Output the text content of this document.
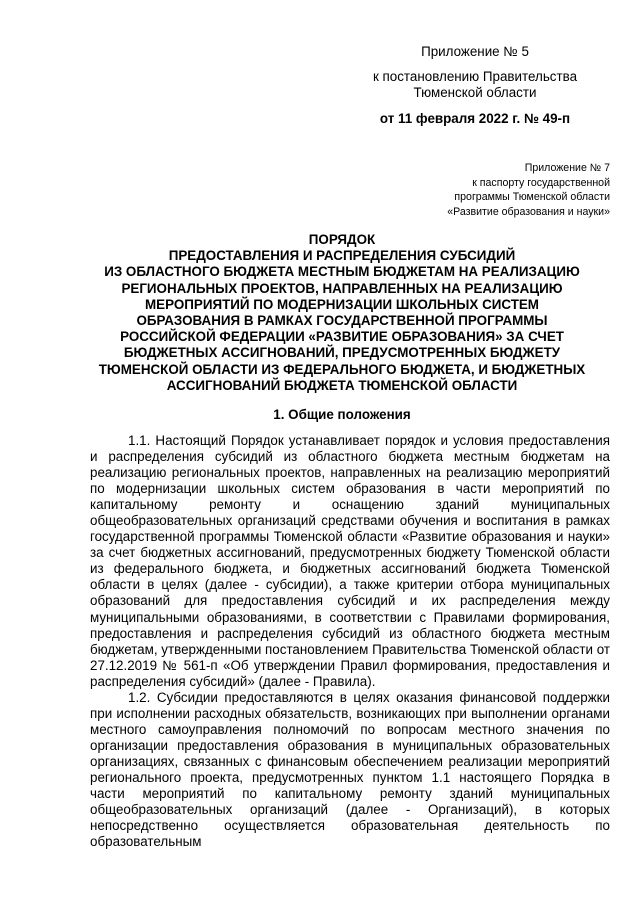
Приложение № 5
к постановлению Правительства
Тюменской области
от 11 февраля 2022 г. № 49-п
Приложение № 7
к паспорту государственной
программы Тюменской области
«Развитие образования и науки»
ПОРЯДОК
ПРЕДОСТАВЛЕНИЯ И РАСПРЕДЕЛЕНИЯ СУБСИДИЙ
ИЗ ОБЛАСТНОГО БЮДЖЕТА МЕСТНЫМ БЮДЖЕТАМ НА РЕАЛИЗАЦИЮ
РЕГИОНАЛЬНЫХ ПРОЕКТОВ, НАПРАВЛЕННЫХ НА РЕАЛИЗАЦИЮ
МЕРОПРИЯТИЙ ПО МОДЕРНИЗАЦИИ ШКОЛЬНЫХ СИСТЕМ
ОБРАЗОВАНИЯ В РАМКАХ ГОСУДАРСТВЕННОЙ ПРОГРАММЫ
РОССИЙСКОЙ ФЕДЕРАЦИИ «РАЗВИТИЕ ОБРАЗОВАНИЯ» ЗА СЧЕТ
БЮДЖЕТНЫХ АССИГНОВАНИЙ, ПРЕДУСМОТРЕННЫХ БЮДЖЕТУ
ТЮМЕНСКОЙ ОБЛАСТИ ИЗ ФЕДЕРАЛЬНОГО БЮДЖЕТА, И БЮДЖЕТНЫХ
АССИГНОВАНИЙ БЮДЖЕТА ТЮМЕНСКОЙ ОБЛАСТИ
1. Общие положения

1.1. Настоящий Порядок устанавливает порядок и условия предоставления и распределения субсидий из областного бюджета местным бюджетам на реализацию региональных проектов, направленных на реализацию мероприятий по модернизации школьных систем образования в части мероприятий по капитальному ремонту и оснащению зданий муниципальных общеобразовательных организаций средствами обучения и воспитания в рамках государственной программы Тюменской области «Развитие образования и науки» за счет бюджетных ассигнований, предусмотренных бюджету Тюменской области из федерального бюджета, и бюджетных ассигнований бюджета Тюменской области в целях (далее - субсидии), а также критерии отбора муниципальных образований для предоставления субсидий и их распределения между муниципальными образованиями, в соответствии с Правилами формирования, предоставления и распределения субсидий из областного бюджета местным бюджетам, утвержденными постановлением Правительства Тюменской области от 27.12.2019 № 561-п «Об утверждении Правил формирования, предоставления и распределения субсидий» (далее - Правила).

1.2. Субсидии предоставляются в целях оказания финансовой поддержки при исполнении расходных обязательств, возникающих при выполнении органами местного самоуправления полномочий по вопросам местного значения по организации предоставления образования в муниципальных образовательных организациях, связанных с финансовым обеспечением реализации мероприятий регионального проекта, предусмотренных пунктом 1.1 настоящего Порядка в части мероприятий по капитальному ремонту зданий муниципальных общеобразовательных организаций (далее - Организаций), в которых непосредственно осуществляется образовательная деятельность по образовательным
